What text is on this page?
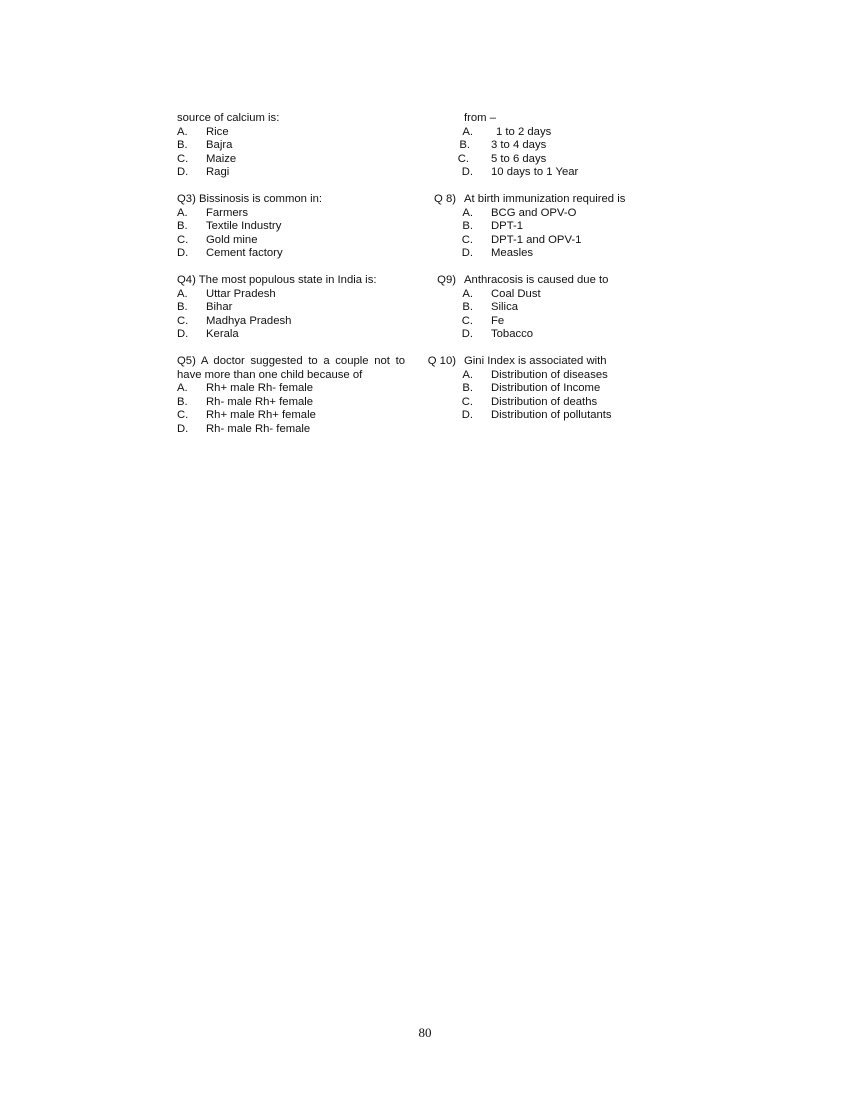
source of calcium is:
A. Rice
B. Bajra
C. Maize
D. Ragi
Q3) Bissinosis is common in:
A. Farmers
B. Textile Industry
C. Gold mine
D. Cement factory
Q4) The most populous state in India is:
A. Uttar Pradesh
B. Bihar
C. Madhya Pradesh
D. Kerala
Q5) A doctor suggested to a couple not to
have more than one child because of
A. Rh+ male Rh- female
B. Rh- male Rh+ female
C. Rh+ male Rh+ female
D. Rh- male Rh- female
from –
A. 1 to 2 days
B. 3 to 4 days
C. 5 to 6 days
D. 10 days to 1 Year
Q 8) At birth immunization required is
A. BCG and OPV-O
B. DPT-1
C. DPT-1 and OPV-1
D. Measles
Q9) Anthracosis is caused due to
A. Coal Dust
B. Silica
C. Fe
D. Tobacco
Q 10) Gini Index is associated with
A. Distribution of diseases
B. Distribution of Income
C. Distribution of deaths
D. Distribution of pollutants
80
